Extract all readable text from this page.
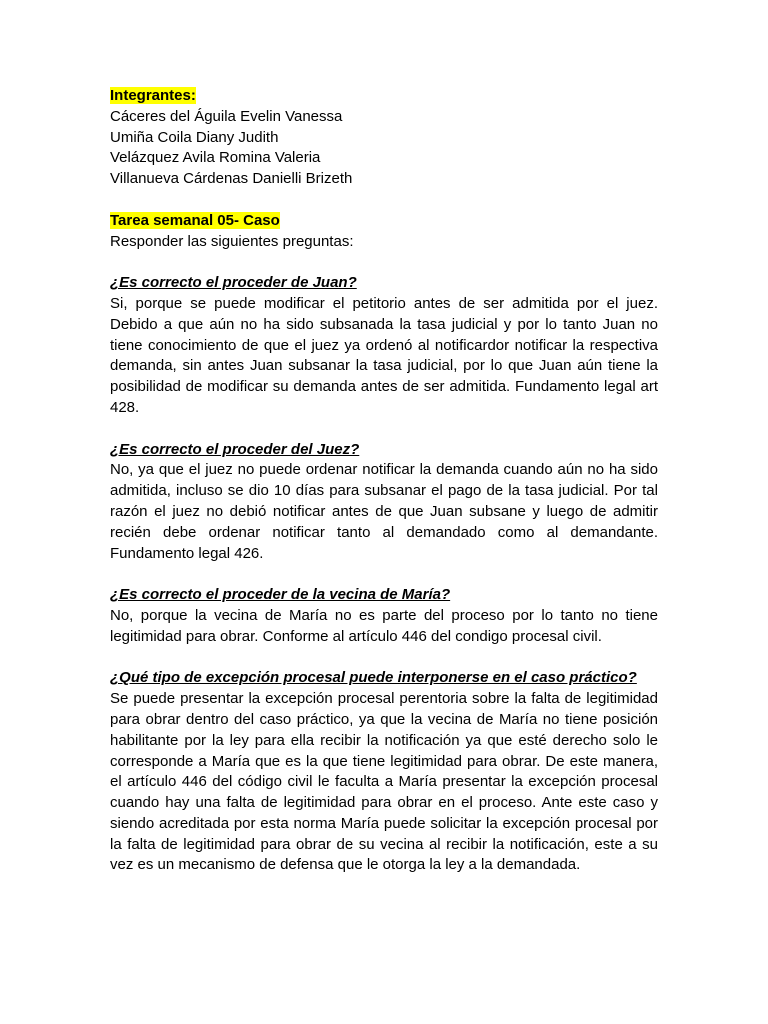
Integrantes:
Cáceres del Águila Evelin Vanessa
Umiña Coila Diany Judith
Velázquez Avila Romina Valeria
Villanueva Cárdenas Danielli Brizeth
Tarea semanal 05- Caso
Responder las siguientes preguntas:
¿Es correcto el proceder de Juan?
Si, porque se puede modificar el petitorio antes de ser admitida por el juez. Debido a que aún no ha sido subsanada la tasa judicial y por lo tanto Juan no tiene conocimiento de que el juez ya ordenó al notificardor notificar la respectiva demanda, sin antes Juan subsanar la tasa judicial, por lo que Juan aún tiene la posibilidad de modificar su demanda antes de ser admitida. Fundamento legal art 428.
¿Es correcto el proceder del Juez?
No, ya que el juez no puede ordenar notificar la demanda cuando aún no ha sido admitida, incluso se dio 10 días para subsanar el pago de la tasa judicial. Por tal razón el juez no debió notificar antes de que Juan subsane y luego de admitir recién debe ordenar notificar tanto al demandado como al demandante. Fundamento legal 426.
¿Es correcto el proceder de la vecina de María?
No, porque la vecina de María no es parte del proceso por lo tanto no tiene legitimidad para obrar. Conforme al artículo 446 del condigo procesal civil.
¿Qué tipo de excepción procesal puede interponerse en el caso práctico?
Se puede presentar la excepción procesal perentoria sobre la falta de legitimidad para obrar dentro del caso práctico, ya que la vecina de María no tiene posición habilitante por la ley para ella recibir la notificación ya que esté derecho solo le corresponde a María que es la que tiene legitimidad para obrar. De este manera, el artículo 446 del código civil le faculta a María presentar la excepción procesal cuando hay una falta de legitimidad para obrar en el proceso. Ante este caso y siendo acreditada por esta norma María puede solicitar la excepción procesal por la falta de legitimidad para obrar de su vecina al recibir la notificación, este a su vez es un mecanismo de defensa que le otorga la ley a la demandada.
